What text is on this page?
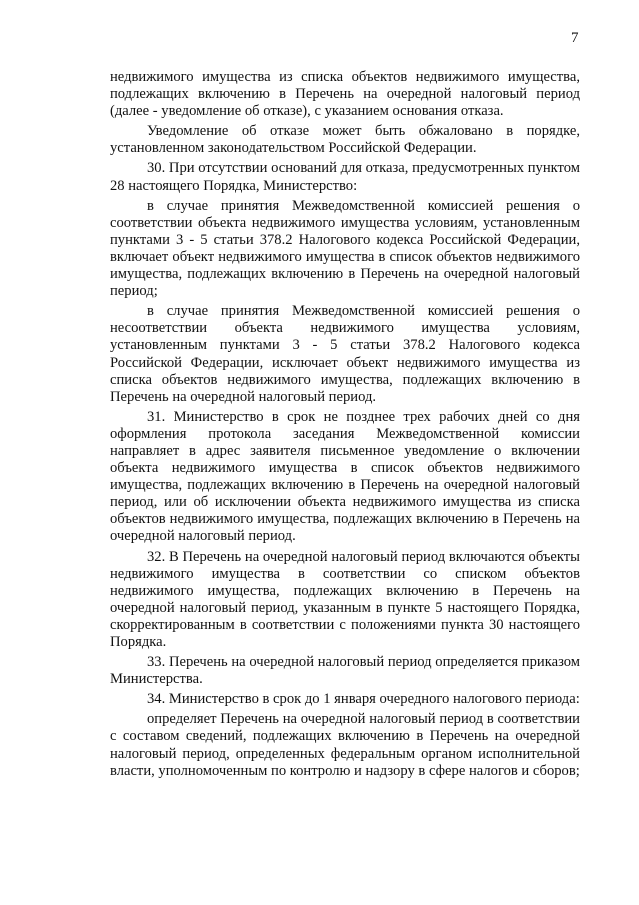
7

недвижимого имущества из списка объектов недвижимого имущества, подлежащих включению в Перечень на очередной налоговый период (далее - уведомление об отказе), с указанием основания отказа.

Уведомление об отказе может быть обжаловано в порядке, установленном законодательством Российской Федерации.

30. При отсутствии оснований для отказа, предусмотренных пунктом 28 настоящего Порядка, Министерство:

в случае принятия Межведомственной комиссией решения о соответствии объекта недвижимого имущества условиям, установленным пунктами 3 - 5 статьи 378.2 Налогового кодекса Российской Федерации, включает объект недвижимого имущества в список объектов недвижимого имущества, подлежащих включению в Перечень на очередной налоговый период;

в случае принятия Межведомственной комиссией решения о несоответствии объекта недвижимого имущества условиям, установленным пунктами 3 - 5 статьи 378.2 Налогового кодекса Российской Федерации, исключает объект недвижимого имущества из списка объектов недвижимого имущества, подлежащих включению в Перечень на очередной налоговый период.

31. Министерство в срок не позднее трех рабочих дней со дня оформления протокола заседания Межведомственной комиссии направляет в адрес заявителя письменное уведомление о включении объекта недвижимого имущества в список объектов недвижимого имущества, подлежащих включению в Перечень на очередной налоговый период, или об исключении объекта недвижимого имущества из списка объектов недвижимого имущества, подлежащих включению в Перечень на очередной налоговый период.

32. В Перечень на очередной налоговый период включаются объекты недвижимого имущества в соответствии со списком объектов недвижимого имущества, подлежащих включению в Перечень на очередной налоговый период, указанным в пункте 5 настоящего Порядка, скорректированным в соответствии с положениями пункта 30 настоящего Порядка.

33. Перечень на очередной налоговый период определяется приказом Министерства.

34. Министерство в срок до 1 января очередного налогового периода:

определяет Перечень на очередной налоговый период в соответствии с составом сведений, подлежащих включению в Перечень на очередной налоговый период, определенных федеральным органом исполнительной власти, уполномоченным по контролю и надзору в сфере налогов и сборов;
